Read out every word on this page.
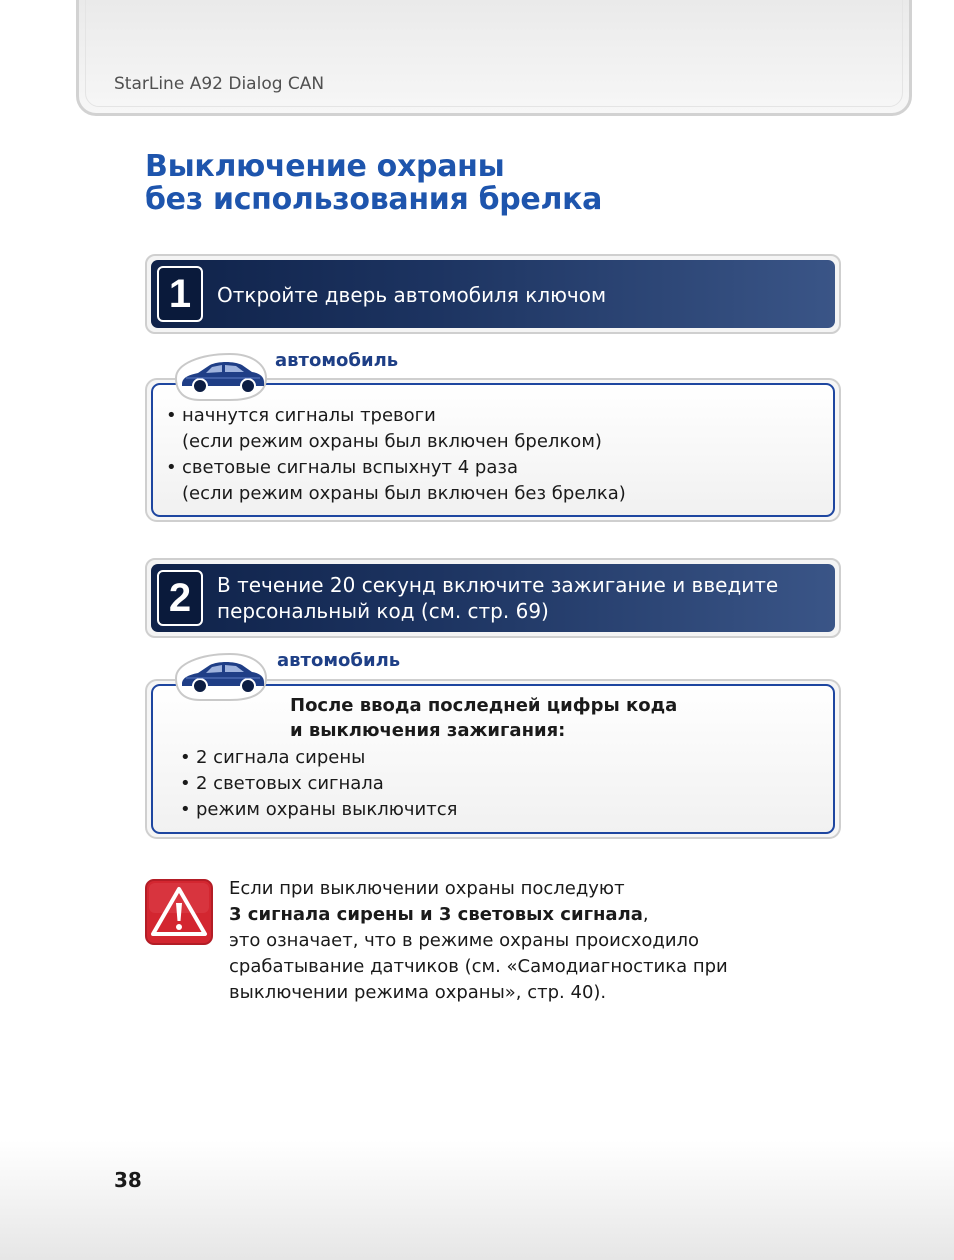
StarLine A92 Dialog CAN
Выключение охраны
без использования брелка
1	Откройте дверь автомобиля ключом
автомобиль
• начнутся сигналы тревоги
(если режим охраны был включен брелком)
• световые сигналы вспыхнут 4 раза
(если режим охраны был включен без брелка)
2	В течение 20 секунд включите зажигание и введите
персональный код (см. стр. 69)
автомобиль
После ввода последней цифры кода
и выключения зажигания:
• 2 сигнала сирены
• 2 световых сигнала
• режим охраны выключится
Если при выключении охраны последуют
3 сигнала сирены и 3 световых сигнала,
это означает, что в режиме охраны происходило
срабатывание датчиков (см. «Самодиагностика при
выключении режима охраны», стр. 40).
38
